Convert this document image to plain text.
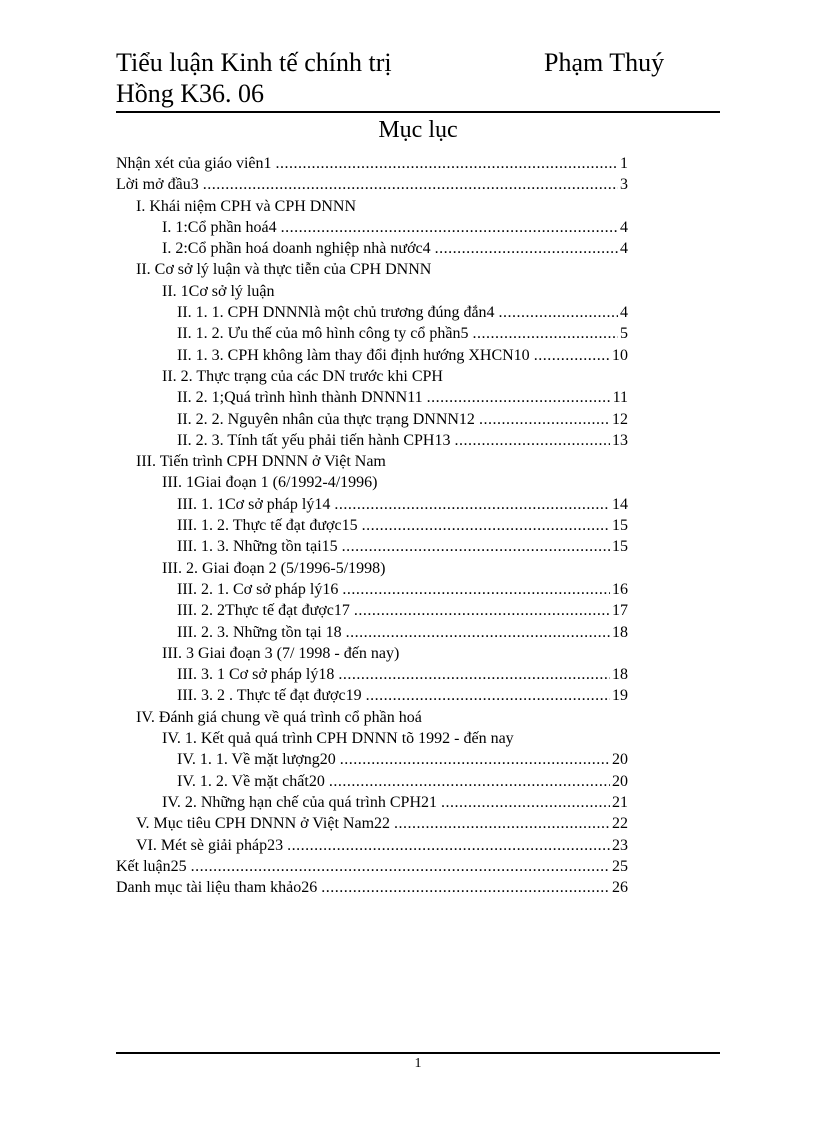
Tiểu luận Kinh tế chính trị	Phạm Thuý
Hồng K36. 06
Mục lục
Nhận xét của giáo viên1 .....	1
Lời mở đầu3 .....	3
I. Khái niệm CPH và CPH DNNN
I. 1:Cổ phần hoá4 .....	4
I. 2:Cổ phần hoá doanh nghiệp nhà nước4 .....	4
II. Cơ sở lý luận và thực tiễn của CPH DNNN
II. 1Cơ sở lý luận
II. 1. 1. CPH DNNNlà một chủ trương đúng đắn4 .....	4
II. 1. 2. Ưu thế của mô hình công ty cổ phần5 .....	5
II. 1. 3. CPH không làm thay đổi định hướng XHCN10 .....	10
II. 2. Thực trạng của các DN trước khi CPH
II. 2. 1;Quá trình hình thành DNNN11 .....	11
II. 2. 2. Nguyên nhân của thực trạng DNNN12 .....	12
II. 2. 3. Tính tất yếu phải tiến hành CPH13 .....	13
III. Tiến trình CPH DNNN ở Việt Nam
III. 1Giai đoạn 1 (6/1992-4/1996)
III. 1. 1Cơ sở pháp lý14 .....	14
III. 1. 2. Thực tế đạt được15 .....	15
III. 1. 3. Những tồn tại15 .....	15
III. 2. Giai đoạn 2 (5/1996-5/1998)
III. 2. 1. Cơ sở pháp lý16 .....	16
III. 2. 2Thực tế đạt được17 .....	17
III. 2. 3. Những tồn tại 18 .....	18
III. 3 Giai đoạn 3 (7/ 1998 - đến nay)
III. 3. 1 Cơ sở pháp lý18 .....	18
III. 3. 2 . Thực tế đạt được19 .....	19
IV. Đánh giá chung về quá trình cổ phần hoá
IV. 1. Kết quả quá trình CPH DNNN tõ 1992 - đến nay
IV. 1. 1. Về mặt lượng20 .....	20
IV. 1. 2. Về mặt chất20 .....	20
IV. 2. Những hạn chế của quá trình CPH21 .....	21
V. Mục tiêu CPH DNNN ở Việt Nam22 .....	22
VI. Mét sè giải pháp23 .....	23
Kết luận25 .....	25
Danh mục tài liệu tham khảo26 .....	26
1
